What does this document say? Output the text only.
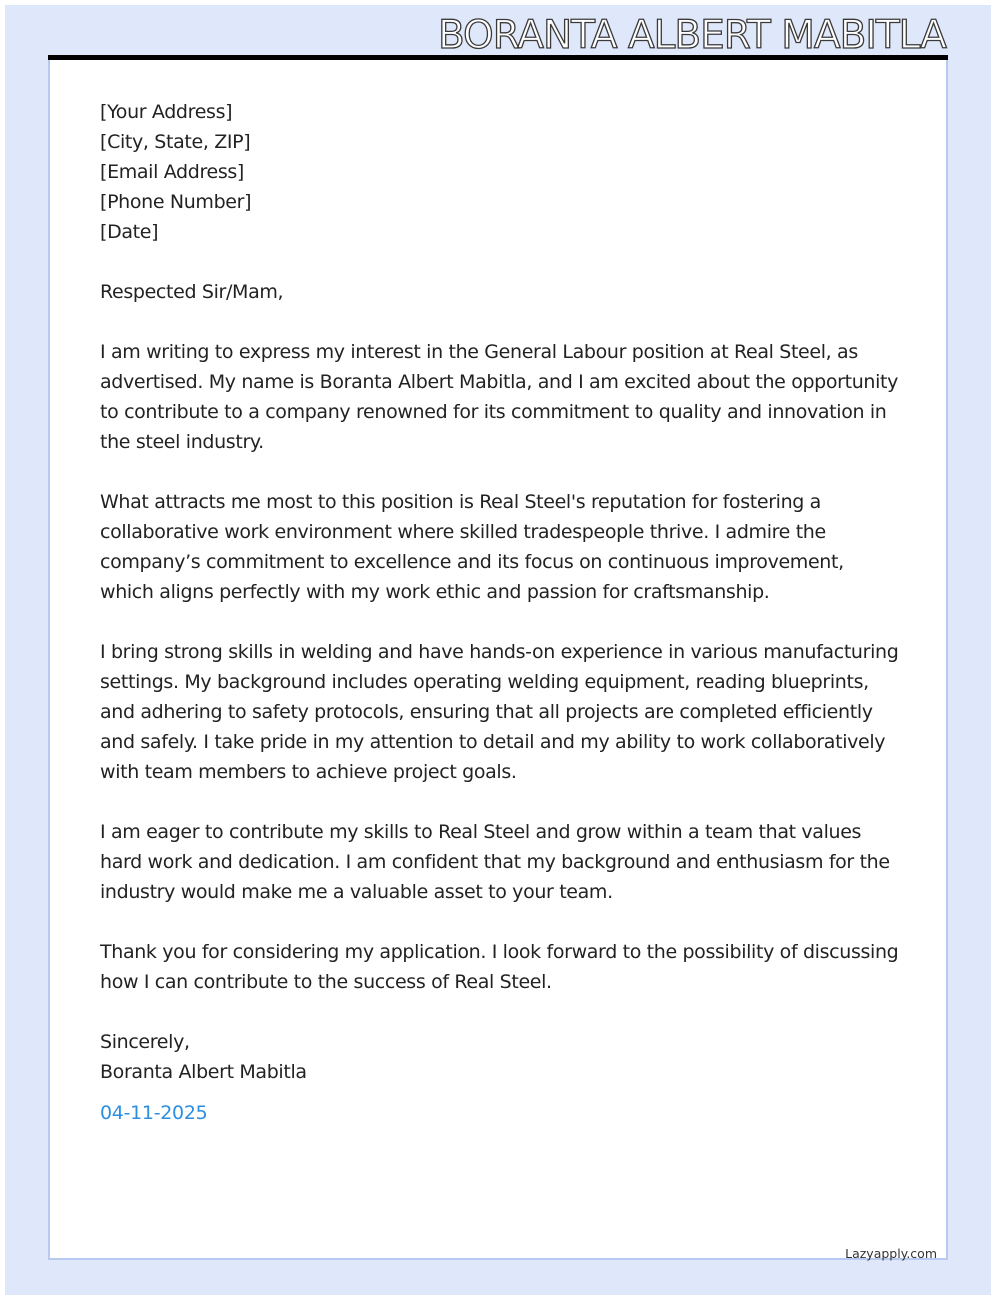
BORANTA ALBERT MABITLA
[Your Address]
[City, State, ZIP]
[Email Address]
[Phone Number]
[Date]

Respected Sir/Mam,

I am writing to express my interest in the General Labour position at Real Steel, as advertised. My name is Boranta Albert Mabitla, and I am excited about the opportunity to contribute to a company renowned for its commitment to quality and innovation in the steel industry.

What attracts me most to this position is Real Steel's reputation for fostering a collaborative work environment where skilled tradespeople thrive. I admire the company’s commitment to excellence and its focus on continuous improvement, which aligns perfectly with my work ethic and passion for craftsmanship.

I bring strong skills in welding and have hands-on experience in various manufacturing settings. My background includes operating welding equipment, reading blueprints, and adhering to safety protocols, ensuring that all projects are completed efficiently and safely. I take pride in my attention to detail and my ability to work collaboratively with team members to achieve project goals.

I am eager to contribute my skills to Real Steel and grow within a team that values hard work and dedication. I am confident that my background and enthusiasm for the industry would make me a valuable asset to your team.

Thank you for considering my application. I look forward to the possibility of discussing how I can contribute to the success of Real Steel.

Sincerely,
Boranta Albert Mabitla
04-11-2025
Lazyapply.com
